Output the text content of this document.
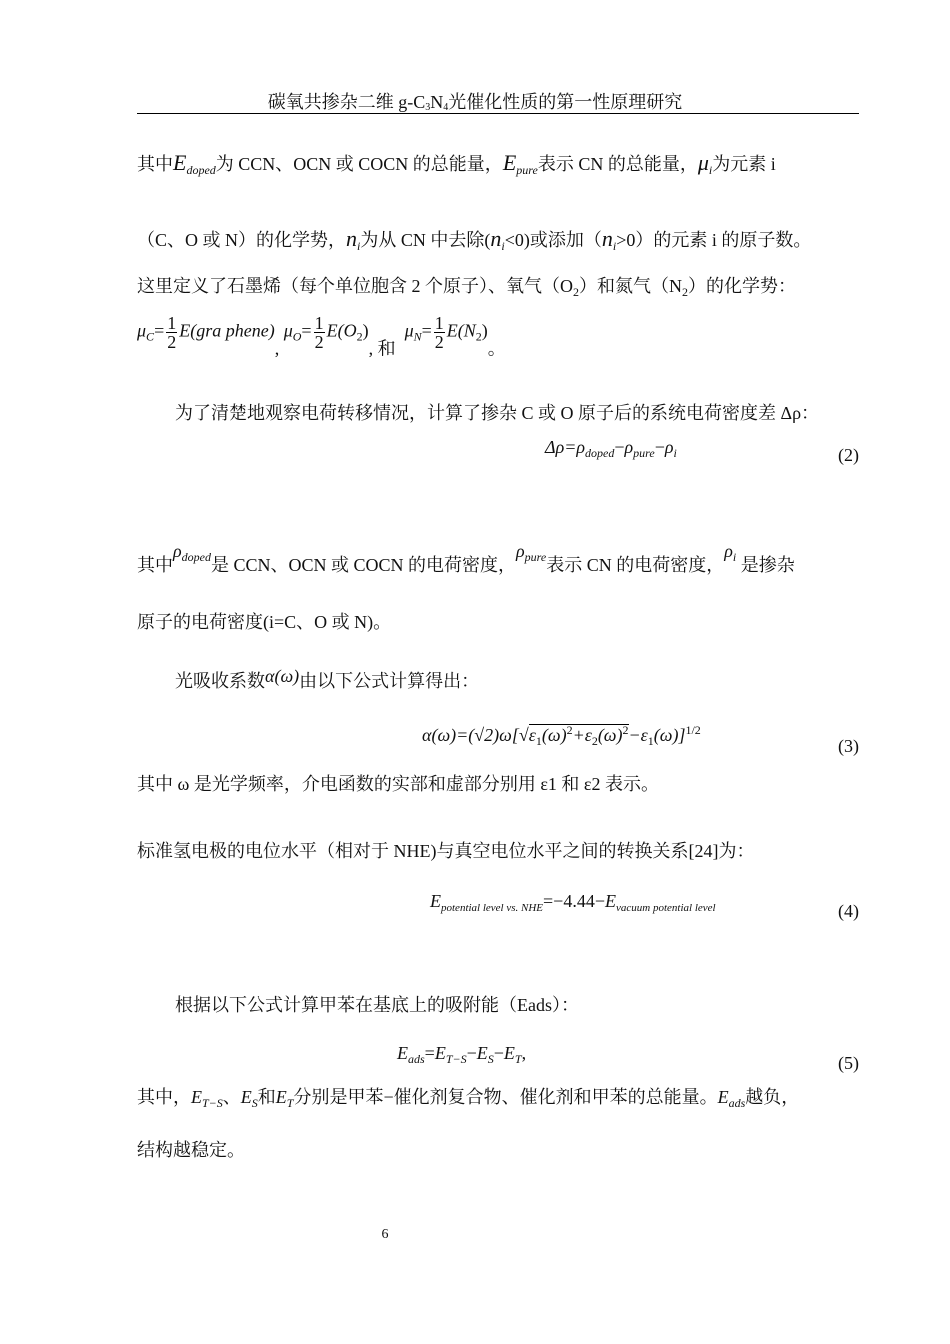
碳氧共掺杂二维 $g-C_3N_4$光催化性质的第一性原理研究
其中$E_{doped}$为 CCN、OCN 或 COCN 的总能量，$E_{pure}$表示 CN 的总能量，$\mu_i$为元素 i
（C、O 或 N）的化学势，$n_i$为从 CN 中去除$(n_i<0)$或添加$(n_i>0)$的元素 i 的原子数。
这里定义了石墨烯（每个单位胞含 2 个原子）、氧气$(O_2)$和氮气$(N_2)$的化学势：
$\mu_C= \frac{1}{2} E(gra$ phene), $\mu_O= \frac{1}{2} E(O_2)$, 和  $\mu_N= \frac{1}{2} E(N_2)$。
为了清楚地观察电荷转移情况，计算了掺杂 C 或 O 原子后的系统电荷密度差 Δρ：
$\Delta\rho=\rho_{doped}-\rho_{pure}-\rho_i$	(2)
其中$\rho_{doped}$是 CCN、OCN 或 COCN 的电荷密度，$\rho_{pure}$表示 CN 的电荷密度，$\rho_i$ 是掺杂
原子的电荷密度(i=C、O 或 N)。
光吸收系数α(ω)由以下公式计算得出：
$\alpha(\omega)=(√2)\omega[√\varepsilon_1(\omega)^2+\varepsilon_2(\omega)^2-\varepsilon_1(\omega)]^{1/2}$
(3)
其中 ω 是光学频率，介电函数的实部和虚部分别用 ε1 和 ε2 表示。
标准氢电极的电位水平（相对于 NHE)与真空电位水平之间的转换关系[24]为：
$E_{potential level vs. NHE}=-4.44-E_{vacuum potential level}$	(4)
根据以下公式计算甲苯在基底上的吸附能（Eads）：
$E_{ads}=E_{T-S}-E_S-E_T$,	(5)
其中，$E_{T-S}$、$E_S$和$E_T$分别是甲苯−催化剂复合物、催化剂和甲苯的总能量。$E_{ads}$越负，
结构越稳定。
6
